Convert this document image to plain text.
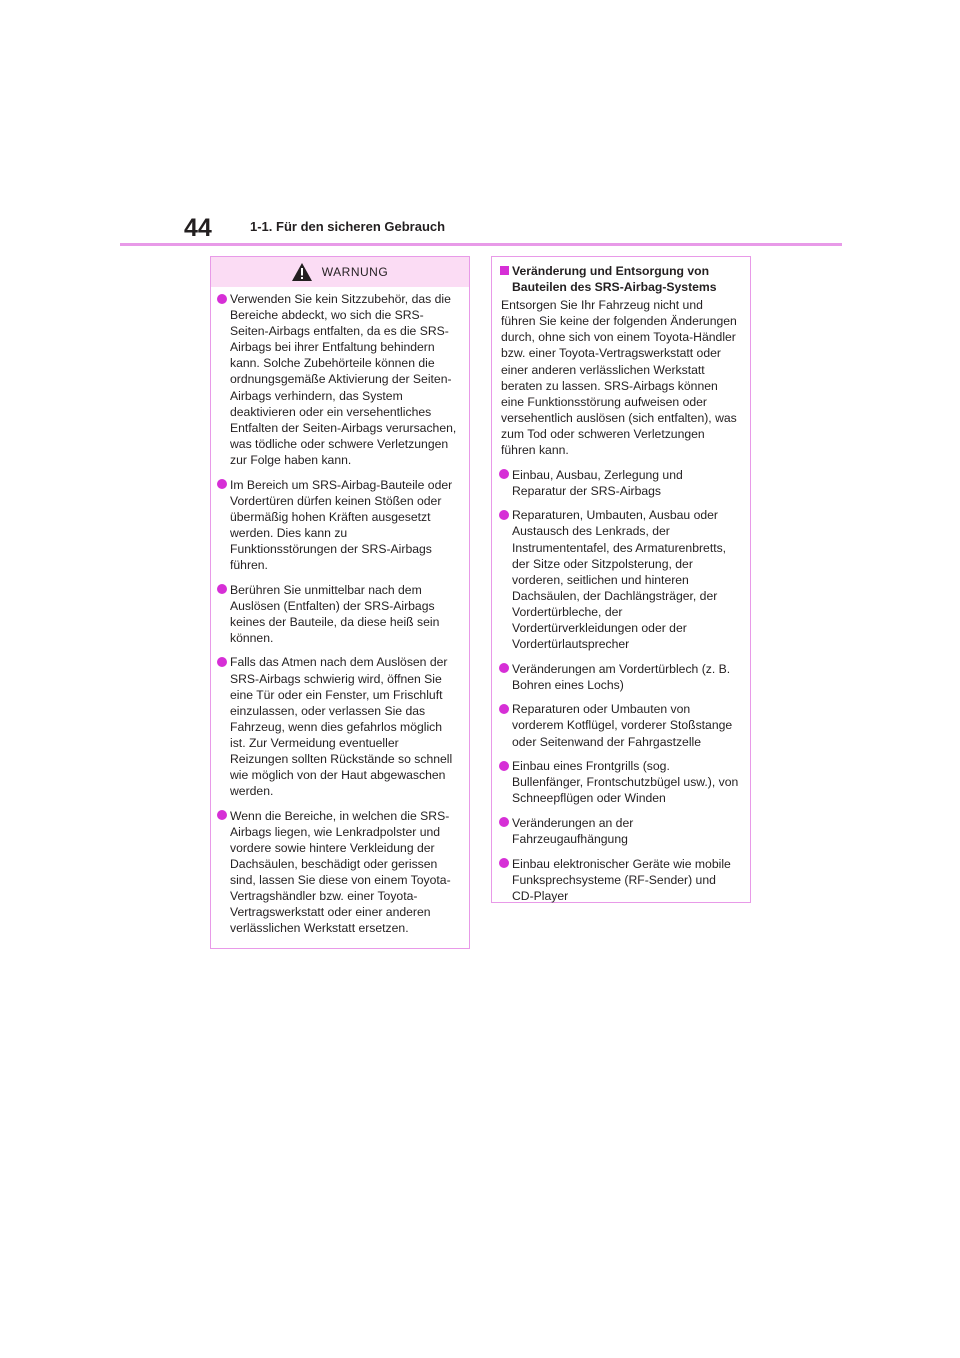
44	1-1. Für den sicheren Gebrauch
WARNUNG
Verwenden Sie kein Sitzzubehör, das die Bereiche abdeckt, wo sich die SRS-Seiten-Airbags entfalten, da es die SRS-Airbags bei ihrer Entfaltung behindern kann. Solche Zubehörteile können die ordnungsgemäße Aktivierung der Seiten-Airbags verhindern, das System deaktivieren oder ein versehentliches Entfalten der Seiten-Airbags verursachen, was tödliche oder schwere Verletzungen zur Folge haben kann.
Im Bereich um SRS-Airbag-Bauteile oder Vordertüren dürfen keinen Stößen oder übermäßig hohen Kräften ausgesetzt werden. Dies kann zu Funktionsstörungen der SRS-Airbags führen.
Berühren Sie unmittelbar nach dem Auslösen (Entfalten) der SRS-Airbags keines der Bauteile, da diese heiß sein können.
Falls das Atmen nach dem Auslösen der SRS-Airbags schwierig wird, öffnen Sie eine Tür oder ein Fenster, um Frischluft einzulassen, oder verlassen Sie das Fahrzeug, wenn dies gefahrlos möglich ist. Zur Vermeidung eventueller Reizungen sollten Rückstände so schnell wie möglich von der Haut abgewaschen werden.
Wenn die Bereiche, in welchen die SRS-Airbags liegen, wie Lenkradpolster und vordere sowie hintere Verkleidung der Dachsäulen, beschädigt oder gerissen sind, lassen Sie diese von einem Toyota-Vertragshändler bzw. einer Toyota-Vertragswerkstatt oder einer anderen verlässlichen Werkstatt ersetzen.
Veränderung und Entsorgung von Bauteilen des SRS-Airbag-Systems
Entsorgen Sie Ihr Fahrzeug nicht und führen Sie keine der folgenden Änderungen durch, ohne sich von einem Toyota-Händler bzw. einer Toyota-Vertragswerkstatt oder einer anderen verlässlichen Werkstatt beraten zu lassen. SRS-Airbags können eine Funktionsstörung aufweisen oder versehentlich auslösen (sich entfalten), was zum Tod oder schweren Verletzungen führen kann.
Einbau, Ausbau, Zerlegung und Reparatur der SRS-Airbags
Reparaturen, Umbauten, Ausbau oder Austausch des Lenkrads, der Instrumententafel, des Armaturenbretts, der Sitze oder Sitzpolsterung, der vorderen, seitlichen und hinteren Dachsäulen, der Dachlängsträger, der Vordertürbleche, der Vordertürverkleidungen oder der Vordertürlautsprecher
Veränderungen am Vordertürblech (z. B. Bohren eines Lochs)
Reparaturen oder Umbauten von vorderem Kotflügel, vorderer Stoßstange oder Seitenwand der Fahrgastzelle
Einbau eines Frontgrills (sog. Bullenfänger, Frontschutzbügel usw.), von Schneepflügen oder Winden
Veränderungen an der Fahrzeugaufhängung
Einbau elektronischer Geräte wie mobile Funksprechsysteme (RF-Sender) und CD-Player
